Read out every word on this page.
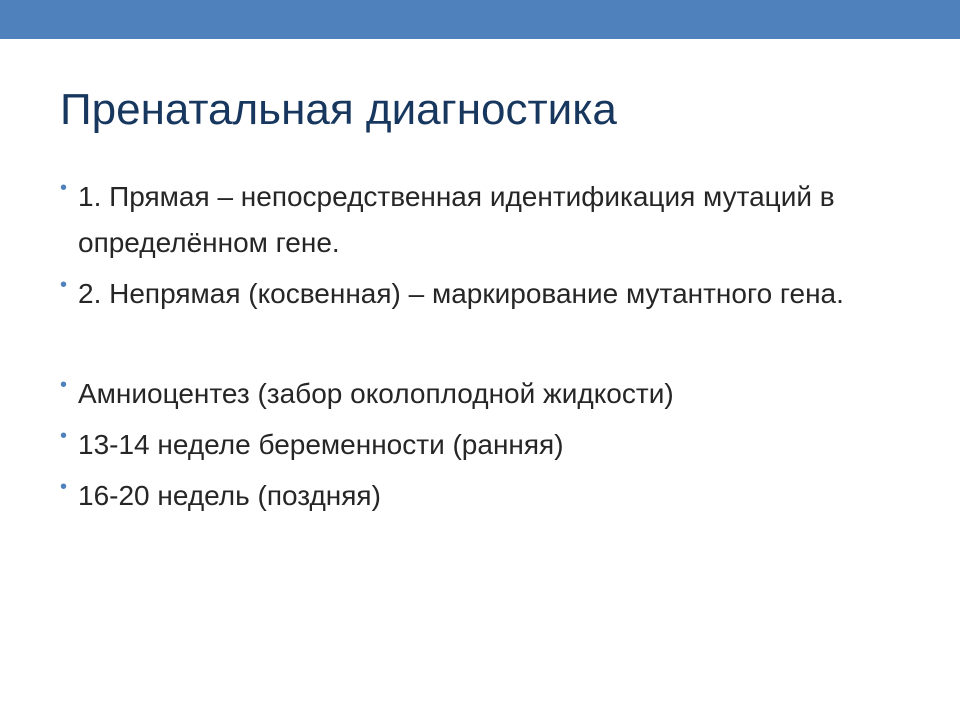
Пренатальная диагностика
• 1. Прямая – непосредственная идентификация мутаций в определённом гене.
• 2. Непрямая (косвенная) – маркирование мутантного гена.
• Амниоцентез (забор околоплодной жидкости)
• 13-14 неделе беременности (ранняя)
• 16-20 недель (поздняя)
